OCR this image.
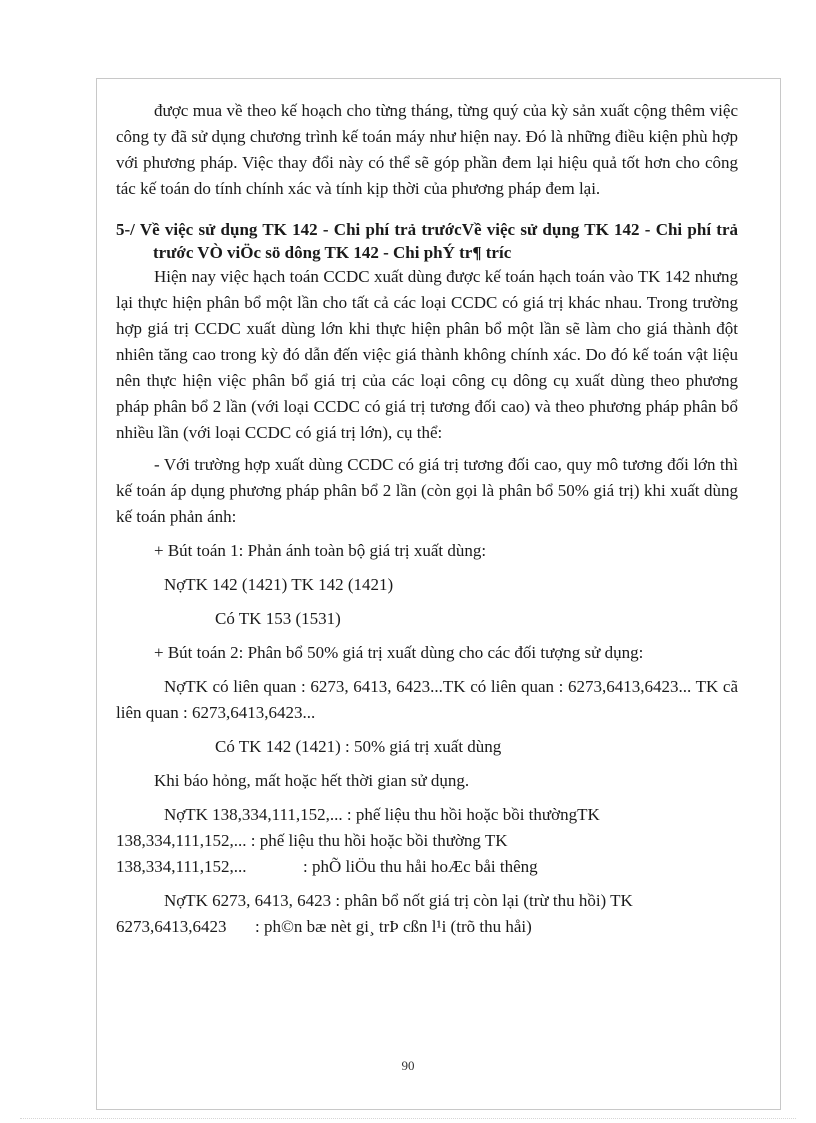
được mua về theo kế hoạch cho từng tháng, từng quý của kỳ sản xuất cộng thêm việc công ty đã sử dụng chương trình kế toán máy như hiện nay. Đó là những điều kiện phù hợp với phương pháp. Việc thay đổi này có thể sẽ góp phần đem lại hiệu quả tốt hơn cho công tác kế toán do tính chính xác và tính kịp thời của phương pháp đem lại.

5-/ Về việc sử dụng TK 142 - Chi phí trả trướcVề việc sử dụng TK 142 - Chi phí trả trước VÒ viÖc sö dông TK 142 - Chi phÝ tr¶ tríc

Hiện nay việc hạch toán CCDC xuất dùng được kế toán hạch toán vào TK 142 nhưng lại thực hiện phân bổ một lần cho tất cả các loại CCDC có giá trị khác nhau. Trong trường hợp giá trị CCDC xuất dùng lớn khi thực hiện phân bổ một lần sẽ làm cho giá thành đột nhiên tăng cao trong kỳ đó dẫn đến việc giá thành không chính xác. Do đó kế toán vật liệu nên thực hiện việc phân bổ giá trị của các loại công cụ dông cụ xuất dùng theo phương pháp phân bổ 2 lần (với loại CCDC có giá trị tương đối cao) và theo phương pháp phân bổ nhiều lần (với loại CCDC có giá trị lớn), cụ thể:

- Với trường hợp xuất dùng CCDC có giá trị tương đối cao, quy mô tương đối lớn thì kế toán áp dụng phương pháp phân bổ 2 lần (còn gọi là phân bổ 50% giá trị) khi xuất dùng kế toán phản ánh:

+ Bút toán 1: Phản ánh toàn bộ giá trị xuất dùng:

NợTK 142 (1421) TK 142 (1421)

Có TK 153 (1531)

+ Bút toán 2: Phân bổ 50% giá trị xuất dùng cho các đối tượng sử dụng:

NợTK có liên quan : 6273, 6413, 6423...TK có liên quan : 6273,6413,6423... TK cã liên quan : 6273,6413,6423...

Có TK 142 (1421) : 50% giá trị xuất dùng

Khi báo hỏng, mất hoặc hết thời gian sử dụng.

NợTK 138,334,111,152,... : phế liệu thu hồi hoặc bồi thườngTK

138,334,111,152,... : phế liệu thu hồi hoặc bồi thường TK

138,334,111,152,...	: phÕ liÖu thu håi hoÆc båi thêng

NợTK 6273, 6413, 6423 : phân bổ nốt giá trị còn lại (trừ thu hồi) TK

6273,6413,6423 : ph©n bæ nèt gi¸ trÞ cßn l¹i (trõ thu håi)
90
